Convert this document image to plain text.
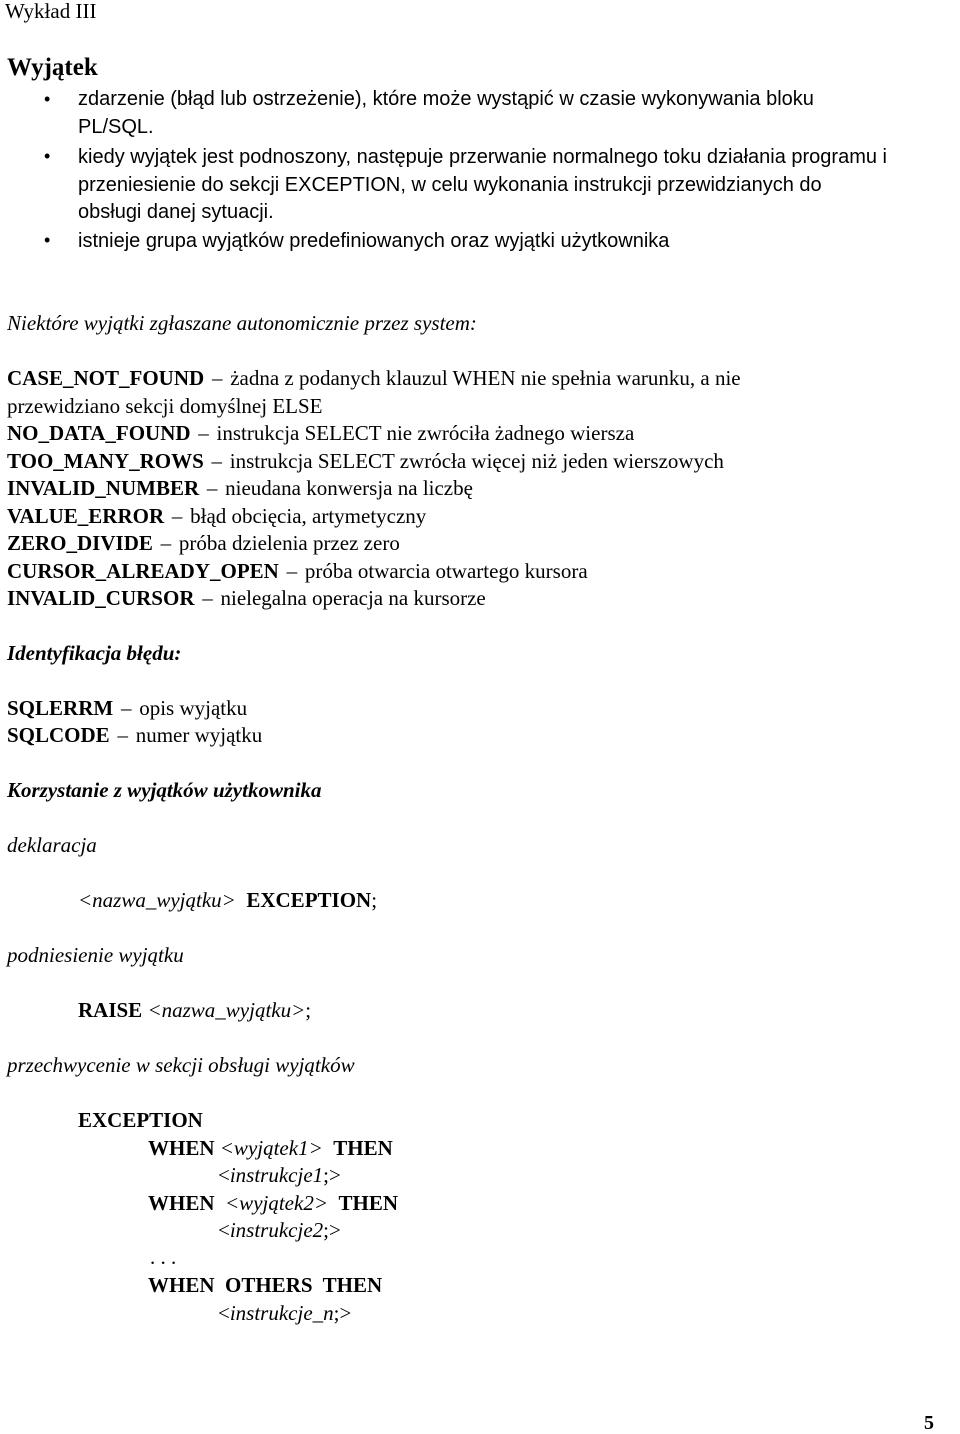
Wykład III
Wyjątek
• zdarzenie (błąd lub ostrzeżenie), które może wystąpić w czasie wykonywania bloku
PL/SQL.
• kiedy wyjątek jest podnoszony, następuje przerwanie normalnego toku działania programu i
przeniesienie do sekcji EXCEPTION, w celu wykonania instrukcji przewidzianych do
obsługi danej sytuacji.
• istnieje grupa wyjątków predefiniowanych oraz wyjątki użytkownika
Niektóre wyjątki zgłaszane autonomicznie przez system:
CASE_NOT_FOUND – żadna z podanych klauzul WHEN nie spełnia warunku, a nie
przewidziano sekcji domyślnej ELSE
NO_DATA_FOUND – instrukcja SELECT nie zwróciła żadnego wiersza
TOO_MANY_ROWS – instrukcja SELECT zwrócła więcej niż jeden wierszowych
INVALID_NUMBER – nieudana konwersja na liczbę
VALUE_ERROR – błąd obcięcia, artymetyczny
ZERO_DIVIDE – próba dzielenia przez zero
CURSOR_ALREADY_OPEN – próba otwarcia otwartego kursora
INVALID_CURSOR – nielegalna operacja na kursorze
Identyfikacja błędu:
SQLERRM – opis wyjątku
SQLCODE – numer wyjątku
Korzystanie z wyjątków użytkownika
deklaracja
<nazwa_wyjątku> EXCEPTION;
podniesienie wyjątku
RAISE <nazwa_wyjątku>;
przechwycenie w sekcji obsługi wyjątków
EXCEPTION
WHEN <wyjątek1> THEN
<instrukcje1;>
WHEN <wyjątek2> THEN
<instrukcje2;>
. . .
WHEN  OTHERS  THEN
<instrukcje_n;>
5
